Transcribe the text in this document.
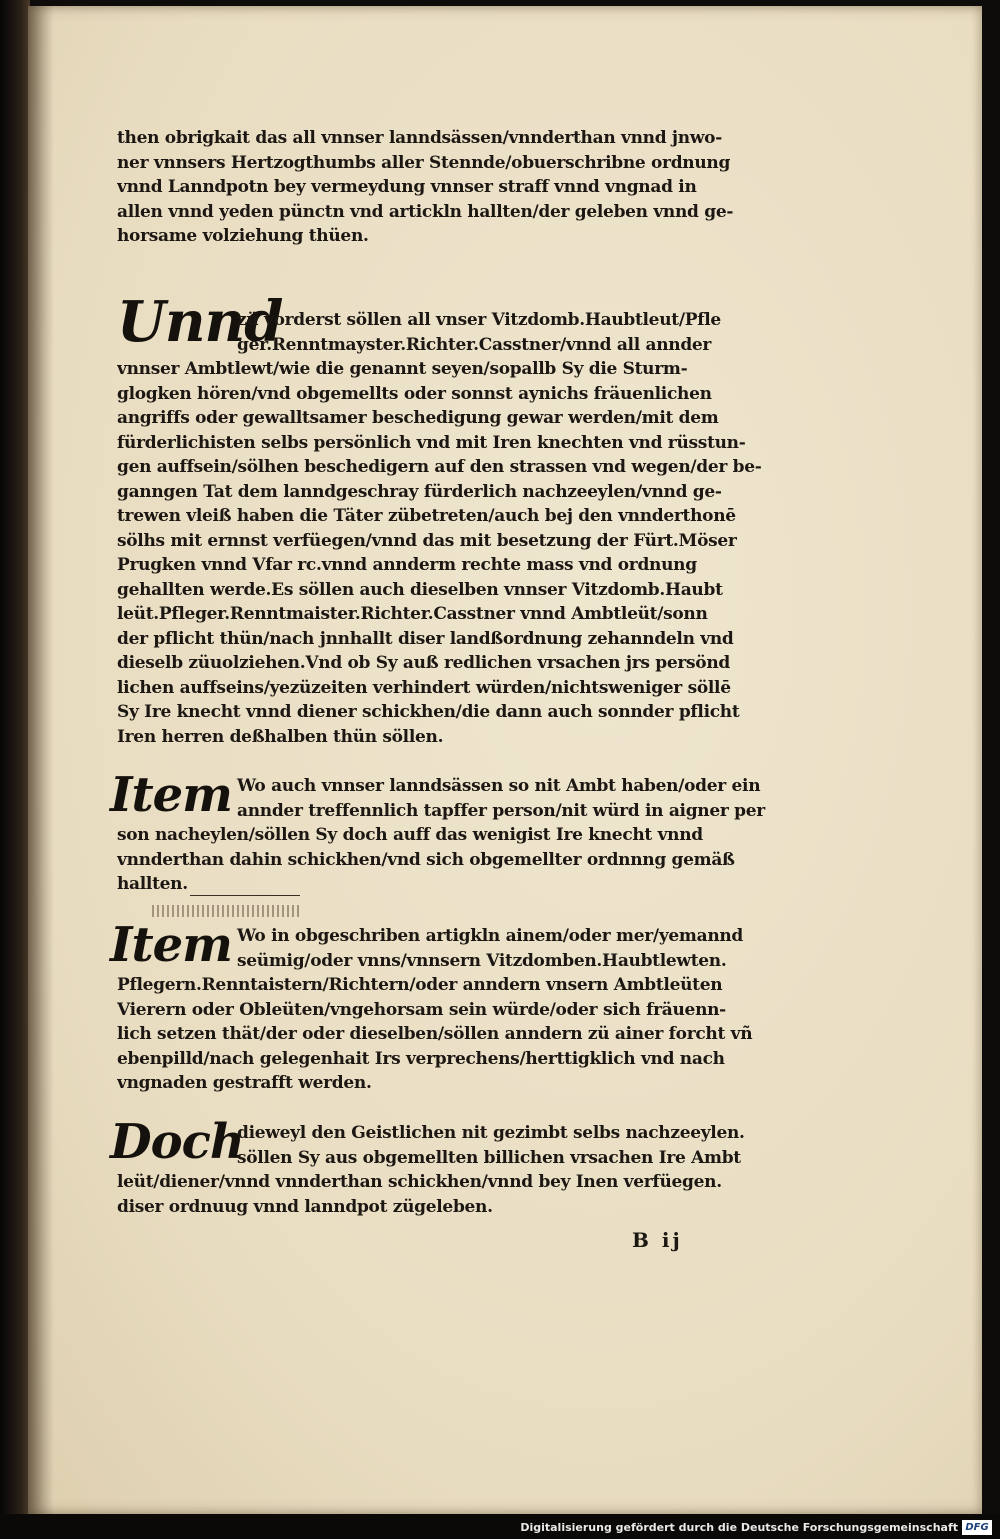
then obrigkait das all vnnser lanndsässen/vnnderthan vnnd jnwo-
ner vnnsers Hertzogthumbs aller Stennde/obuerschribne ordnung
vnnd Lanndpotn bey vermeydung vnnser straff vnnd vngnad in
allen vnnd yeden pünctn vnd artickln hallten/der geleben vnnd ge-
horsame volziehung thüen.
Unnd
zü vorderst söllen all vnser Vitzdomb.Haubtleut/Pfle
ger.Renntmayster.Richter.Casstner/vnnd all annder
vnnser Ambtlewt/wie die genannt seyen/sopallb Sy die Sturm-
glogken hören/vnd obgemellts oder sonnst aynichs fräuenlichen
angriffs oder gewalltsamer beschedigung gewar werden/mit dem
fürderlichisten selbs persönlich vnd mit Iren knechten vnd rüsstun-
gen auffsein/sölhen beschedigern auf den strassen vnd wegen/der be-
ganngen Tat dem lanndgeschray fürderlich nachzeeylen/vnnd ge-
trewen vleiß haben die Täter zübetreten/auch bej den vnnderthonē
sölhs mit ernnst verfüegen/vnnd das mit besetzung der Fürt.Möser
Prugken vnnd Vfar rc.vnnd annderm rechte mass vnd ordnung
gehallten werde.Es söllen auch dieselben vnnser Vitzdomb.Haubt
leüt.Pfleger.Renntmaister.Richter.Casstner vnnd Ambtleüt/sonn
der pflicht thün/nach jnnhallt diser landßordnung zehanndeln vnd
dieselb züuolziehen.Vnd ob Sy auß redlichen vrsachen jrs persönd
lichen auffseins/yezüzeiten verhindert würden/nichtsweniger söllē
Sy Ire knecht vnnd diener schickhen/die dann auch sonnder pflicht
Iren herren deßhalben thün söllen.
Item Wo auch vnnser lanndsässen so nit Ambt haben/oder ein
annder treffennlich tapffer person/nit würd in aigner per
son nacheylen/söllen Sy doch auff das wenigist Ire knecht vnnd
vnnderthan dahin schickhen/vnd sich obgemellter ordnnng gemäß
hallten.
Item Wo in obgeschriben artigkln ainem/oder mer/yemannd
seümig/oder vnns/vnnsern Vitzdomben.Haubtlewten.
Pflegern.Renntaistern/Richtern/oder anndern vnsern Ambtleüten
Vierern oder Obleüten/vngehorsam sein würde/oder sich fräuenn-
lich setzen thät/der oder dieselben/söllen anndern zü ainer forcht vñ
ebenpilld/nach gelegenhait Irs verprechens/herttigklich vnd nach
vngnaden gestrafft werden.
Doch
dieweyl den Geistlichen nit gezimbt selbs nachzeeylen.
söllen Sy aus obgemellten billichen vrsachen Ire Ambt
leüt/diener/vnnd vnnderthan schickhen/vnnd bey Inen verfüegen.
diser ordnuug vnnd lanndpot zügeleben.
B ij
Digitalisierung gefördert durch die Deutsche Forschungsgemeinschaft DFG
